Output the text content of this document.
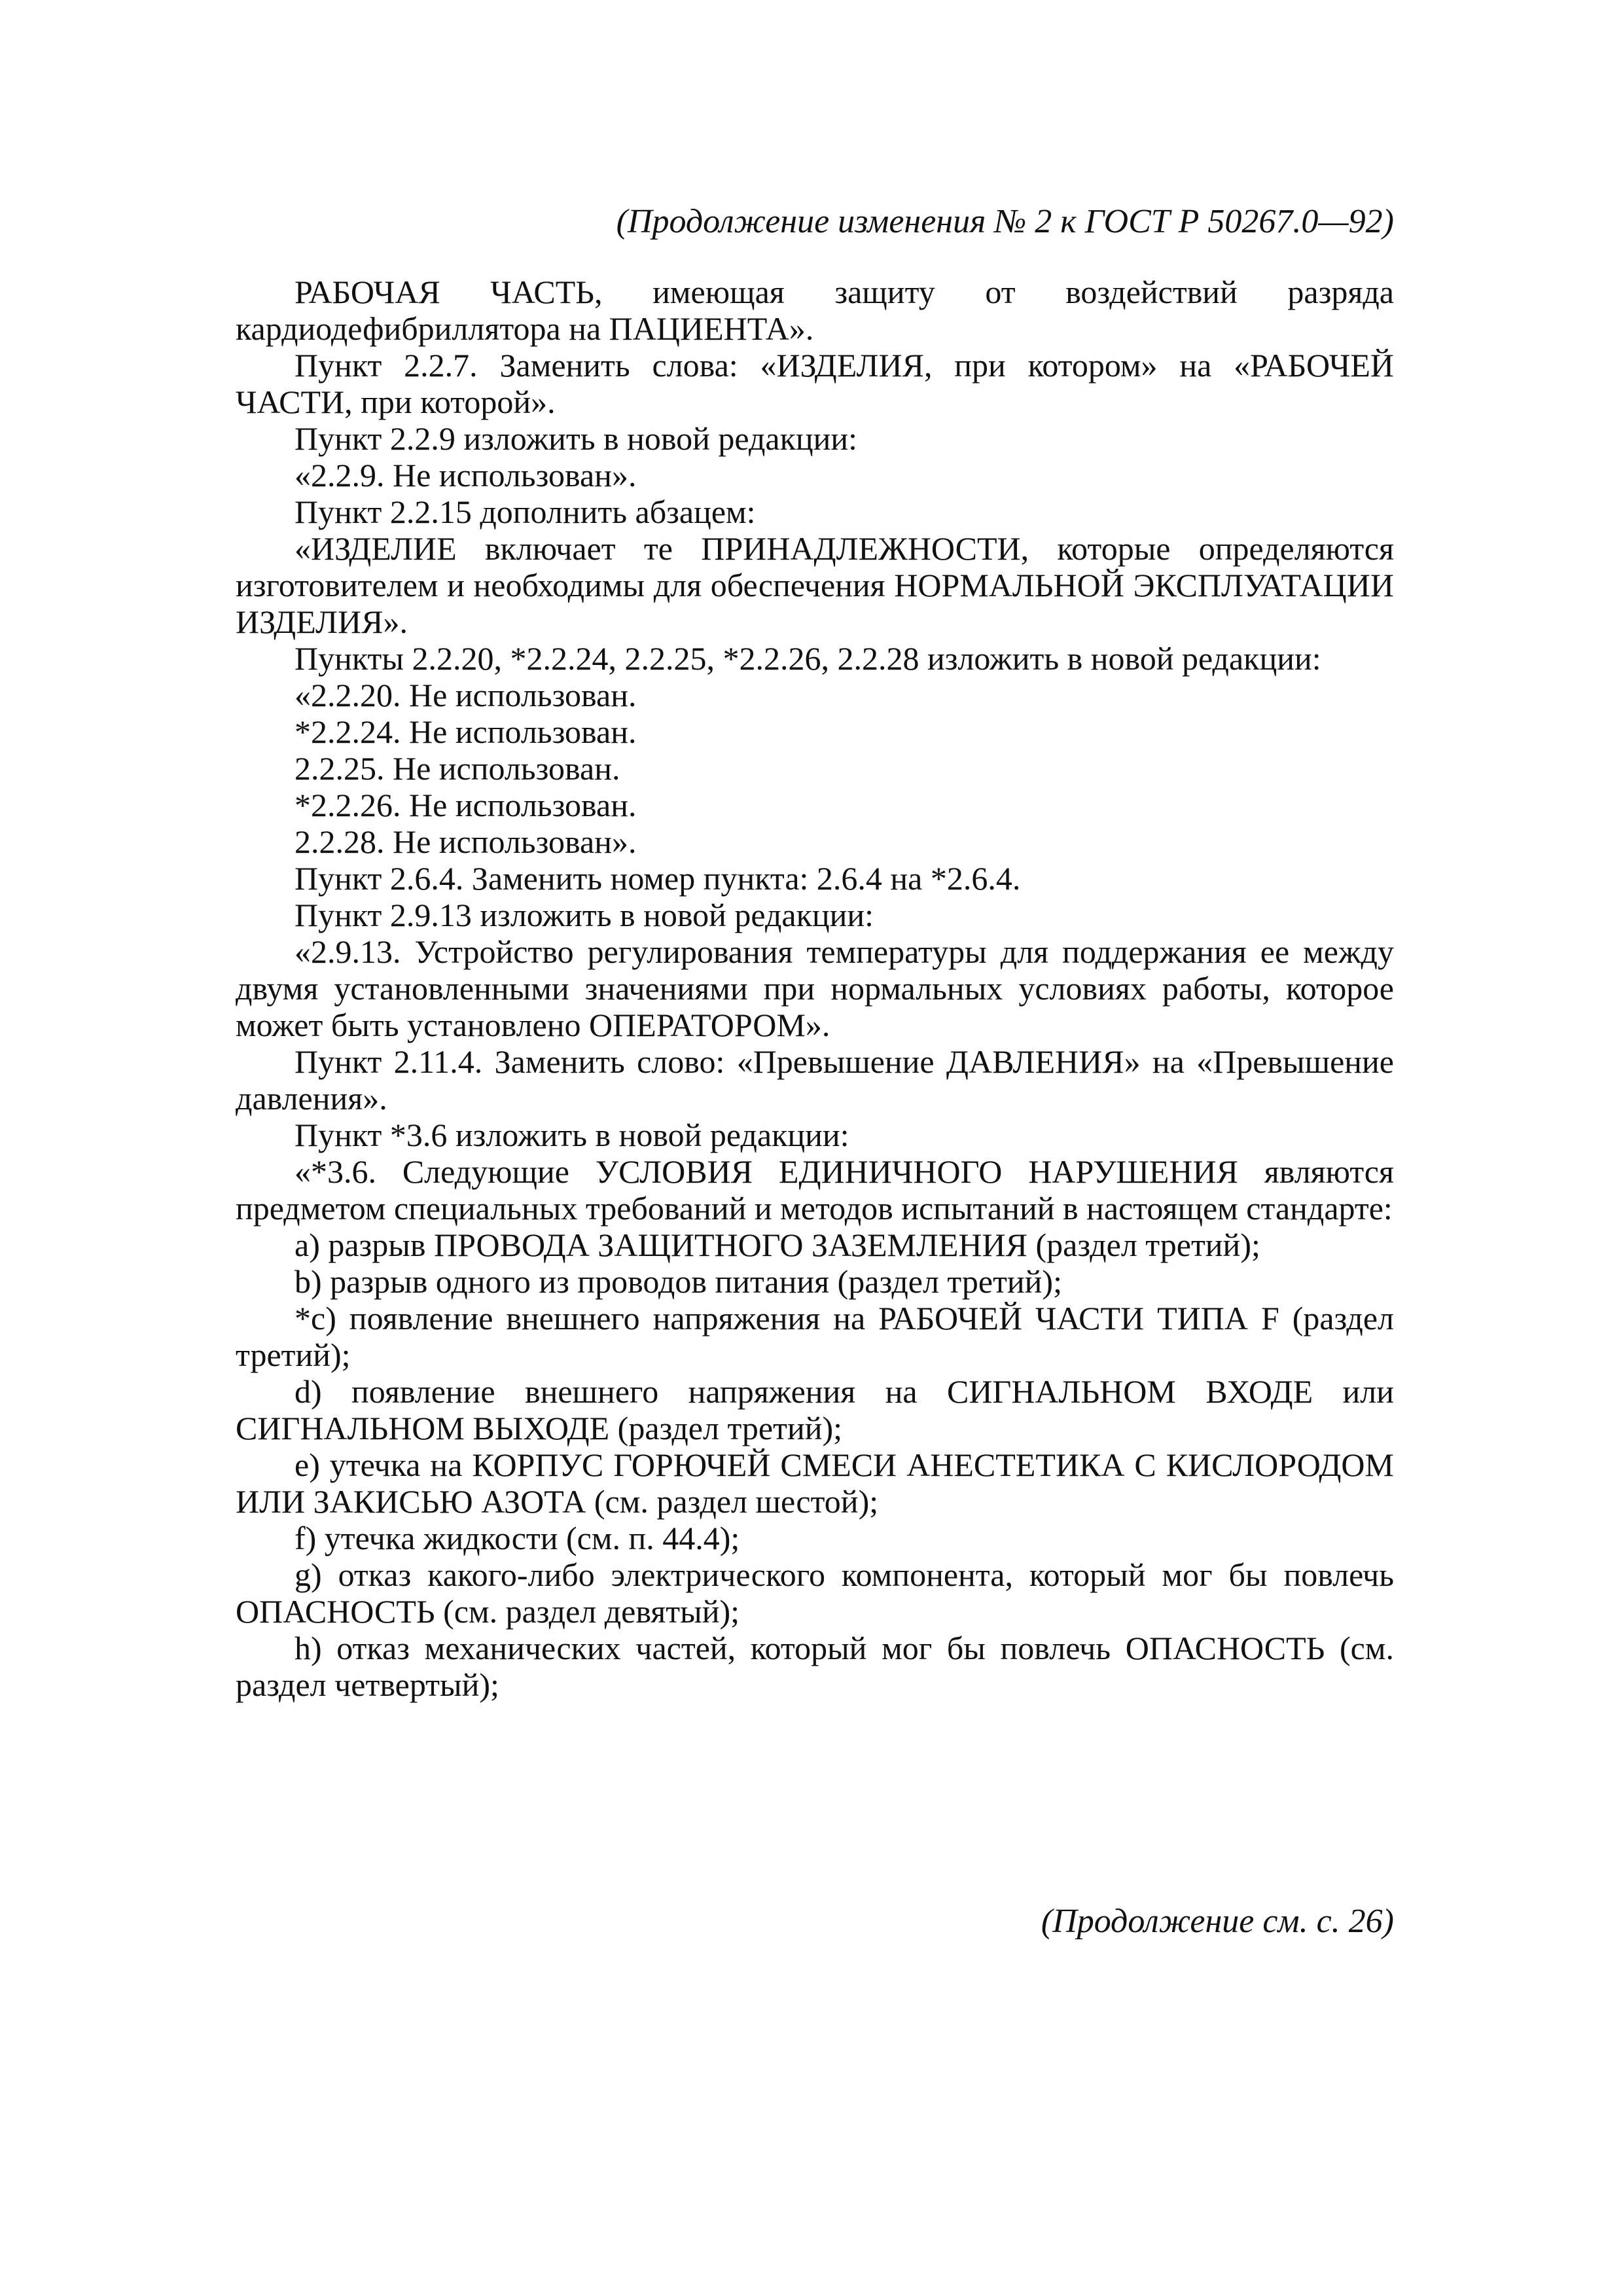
(Продолжение изменения № 2 к ГОСТ Р 50267.0—92)

РАБОЧАЯ ЧАСТЬ, имеющая защиту от воздействий разряда кардиодефибриллятора на ПАЦИЕНТА».

Пункт 2.2.7. Заменить слова: «ИЗДЕЛИЯ, при котором» на «РАБОЧЕЙ ЧАСТИ, при которой».

Пункт 2.2.9 изложить в новой редакции:

«2.2.9. Не использован».

Пункт 2.2.15 дополнить абзацем:

«ИЗДЕЛИЕ включает те ПРИНАДЛЕЖНОСТИ, которые определяются изготовителем и необходимы для обеспечения НОРМАЛЬНОЙ ЭКСПЛУАТАЦИИ ИЗДЕЛИЯ».

Пункты 2.2.20, *2.2.24, 2.2.25, *2.2.26, 2.2.28 изложить в новой редакции:

«2.2.20. Не использован.

*2.2.24. Не использован.

2.2.25. Не использован.

*2.2.26. Не использован.

2.2.28. Не использован».

Пункт 2.6.4. Заменить номер пункта: 2.6.4 на *2.6.4.

Пункт 2.9.13 изложить в новой редакции:

«2.9.13. Устройство регулирования температуры для поддержания ее между двумя установленными значениями при нормальных условиях работы, которое может быть установлено ОПЕРАТОРОМ».

Пункт 2.11.4. Заменить слово: «Превышение ДАВЛЕНИЯ» на «Превышение давления».

Пункт *3.6 изложить в новой редакции:

«*3.6. Следующие УСЛОВИЯ ЕДИНИЧНОГО НАРУШЕНИЯ являются предметом специальных требований и методов испытаний в настоящем стандарте:

a) разрыв ПРОВОДА ЗАЩИТНОГО ЗАЗЕМЛЕНИЯ (раздел третий);

b) разрыв одного из проводов питания (раздел третий);

*c) появление внешнего напряжения на РАБОЧЕЙ ЧАСТИ ТИПА F (раздел третий);

d) появление внешнего напряжения на СИГНАЛЬНОМ ВХОДЕ или СИГНАЛЬНОМ ВЫХОДЕ (раздел третий);

e) утечка на КОРПУС ГОРЮЧЕЙ СМЕСИ АНЕСТЕТИКА С КИСЛОРОДОМ ИЛИ ЗАКИСЬЮ АЗОТА (см. раздел шестой);

f) утечка жидкости (см. п. 44.4);

g) отказ какого-либо электрического компонента, который мог бы повлечь ОПАСНОСТЬ (см. раздел девятый);

h) отказ механических частей, который мог бы повлечь ОПАСНОСТЬ (см. раздел четвертый);

(Продолжение см. с. 26)
